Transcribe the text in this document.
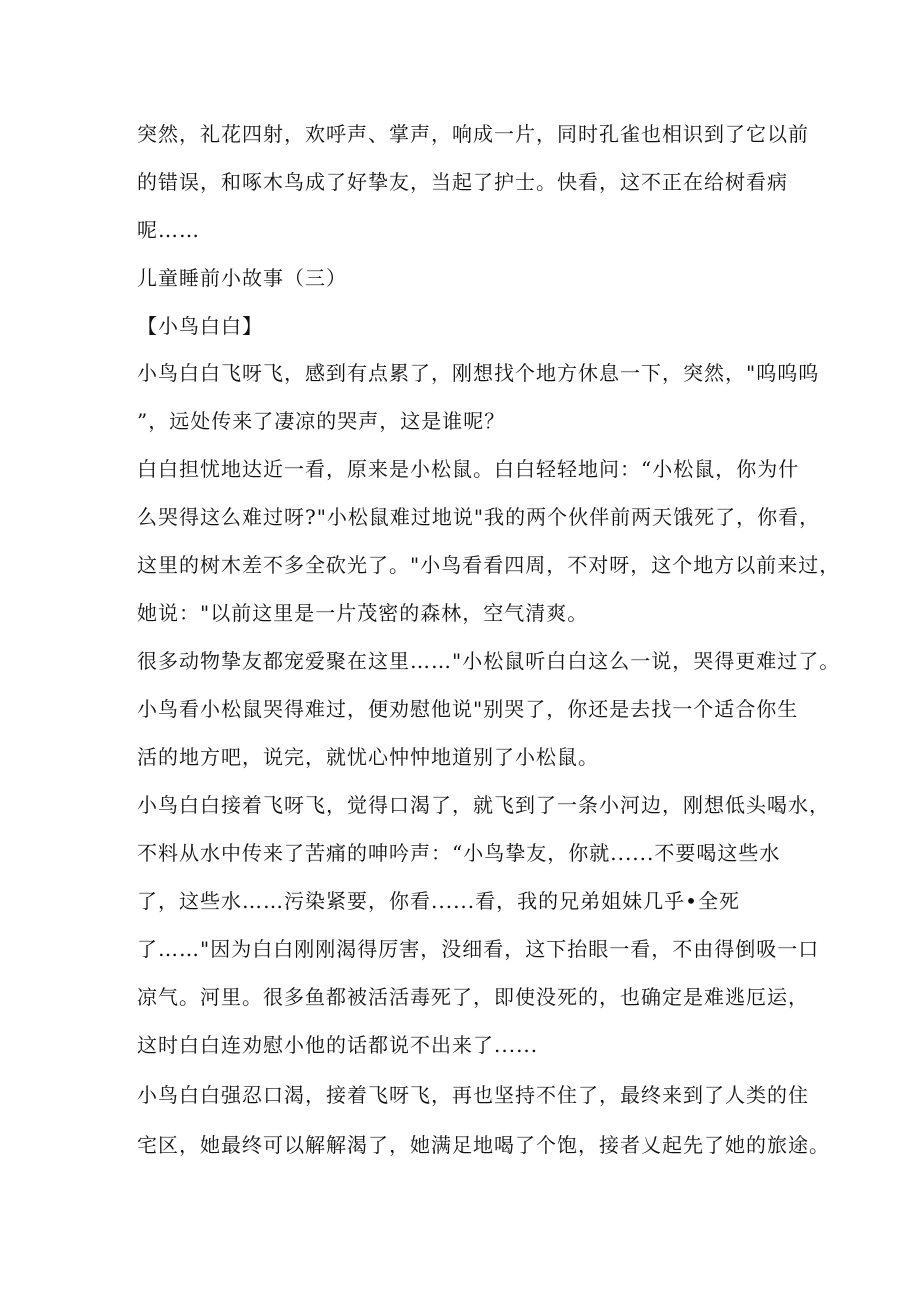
突然，礼花四射，欢呼声、掌声，响成一片，同时孔雀也相识到了它以前
的错误，和啄木鸟成了好挚友，当起了护士。快看，这不正在给树看病
呢……
儿童睡前小故事（三）
【小鸟白白】
小鸟白白飞呀飞，感到有点累了，刚想找个地方休息一下，突然，"呜呜呜
”，远处传来了凄凉的哭声，这是谁呢？
白白担忧地达近一看，原来是小松鼠。白白轻轻地问：“小松鼠，你为什
么哭得这么难过呀?"小松鼠难过地说"我的两个伙伴前两天饿死了，你看，
这里的树木差不多全砍光了。"小鸟看看四周，不对呀，这个地方以前来过，
她说："以前这里是一片茂密的森林，空气清爽。
很多动物挚友都宠爱聚在这里……"小松鼠听白白这么一说，哭得更难过了。
小鸟看小松鼠哭得难过，便劝慰他说"别哭了，你还是去找一个适合你生
活的地方吧，说完，就忧心忡忡地道别了小松鼠。
小鸟白白接着飞呀飞，觉得口渴了，就飞到了一条小河边，刚想低头喝水，
不料从水中传来了苦痛的呻吟声：“小鸟挚友，你就......不要喝这些水
了，这些水……污染紧要，你看......看，我的兄弟姐妹几乎•全死
了……"因为白白刚刚渴得厉害，没细看，这下抬眼一看，不由得倒吸一口
凉气。河里。很多鱼都被活活毒死了，即使没死的，也确定是难逃厄运，
这时白白连劝慰小他的话都说不出来了......
小鸟白白强忍口渴，接着飞呀飞，再也坚持不住了，最终来到了人类的住
宅区，她最终可以解解渴了，她满足地喝了个饱，接者乂起先了她的旅途。
